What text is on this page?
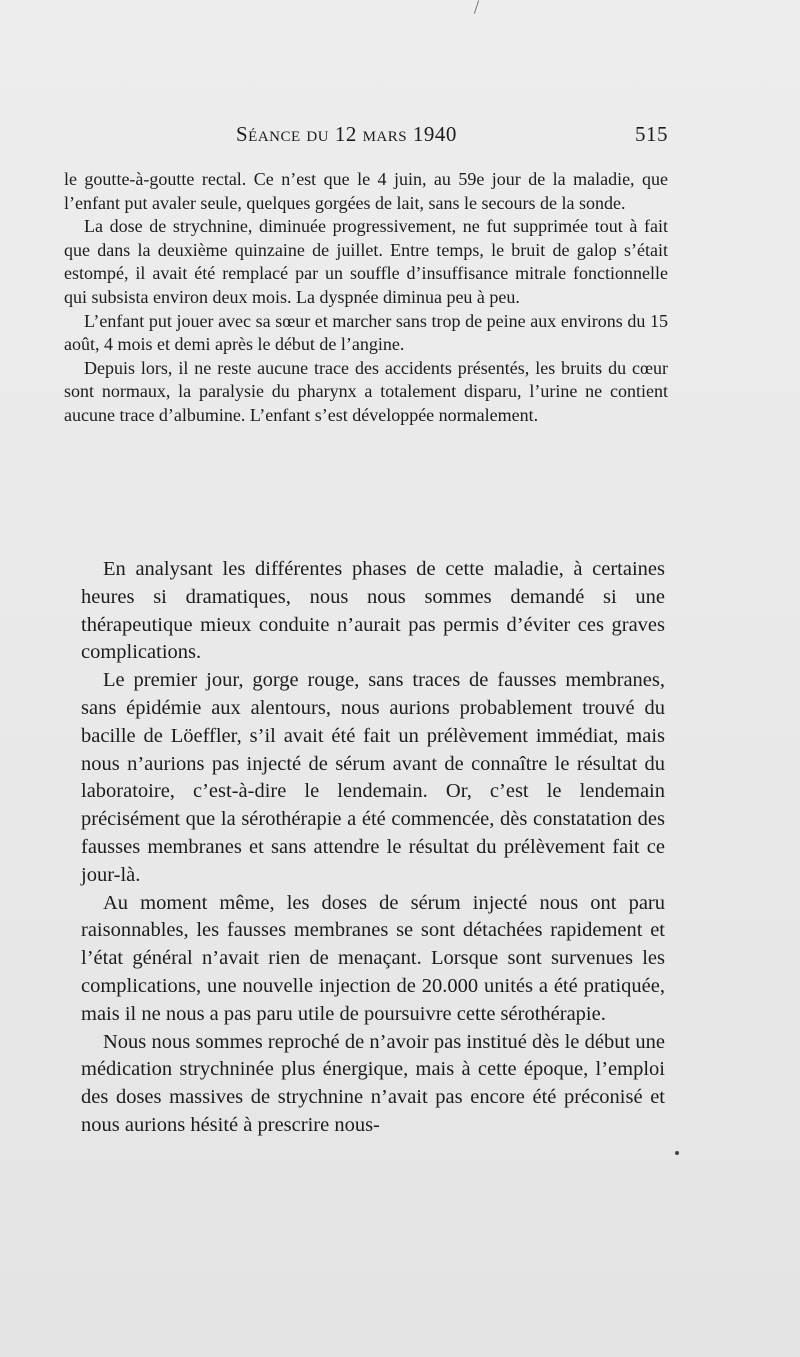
Séance du 12 mars 1940	515

le goutte-à-goutte rectal. Ce n’est que le 4 juin, au 59e jour de la maladie, que l’enfant put avaler seule, quelques gorgées de lait, sans le secours de la sonde.

La dose de strychnine, diminuée progressivement, ne fut supprimée tout à fait que dans la deuxième quinzaine de juillet. Entre temps, le bruit de galop s’était estompé, il avait été remplacé par un souffle d’insuffisance mitrale fonctionnelle qui subsista environ deux mois. La dyspnée diminua peu à peu.

L’enfant put jouer avec sa sœur et marcher sans trop de peine aux environs du 15 août, 4 mois et demi après le début de l’angine.

Depuis lors, il ne reste aucune trace des accidents présentés, les bruits du cœur sont normaux, la paralysie du pharynx a totalement disparu, l’urine ne contient aucune trace d’albumine. L’enfant s’est développée normalement.

En analysant les différentes phases de cette maladie, à certaines heures si dramatiques, nous nous sommes demandé si une thérapeutique mieux conduite n’aurait pas permis d’éviter ces graves complications.

Le premier jour, gorge rouge, sans traces de fausses membranes, sans épidémie aux alentours, nous aurions probablement trouvé du bacille de Löeffler, s’il avait été fait un prélèvement immédiat, mais nous n’aurions pas injecté de sérum avant de connaître le résultat du laboratoire, c’est-à-dire le lendemain. Or, c’est le lendemain précisément que la sérothérapie a été commencée, dès constatation des fausses membranes et sans attendre le résultat du prélèvement fait ce jour-là.

Au moment même, les doses de sérum injecté nous ont paru raisonnables, les fausses membranes se sont détachées rapidement et l’état général n’avait rien de menaçant. Lorsque sont survenues les complications, une nouvelle injection de 20.000 unités a été pratiquée, mais il ne nous a pas paru utile de poursuivre cette sérothérapie.

Nous nous sommes reproché de n’avoir pas institué dès le début une médication strychninée plus énergique, mais à cette époque, l’emploi des doses massives de strychnine n’avait pas encore été préconisé et nous aurions hésité à prescrire nous-
